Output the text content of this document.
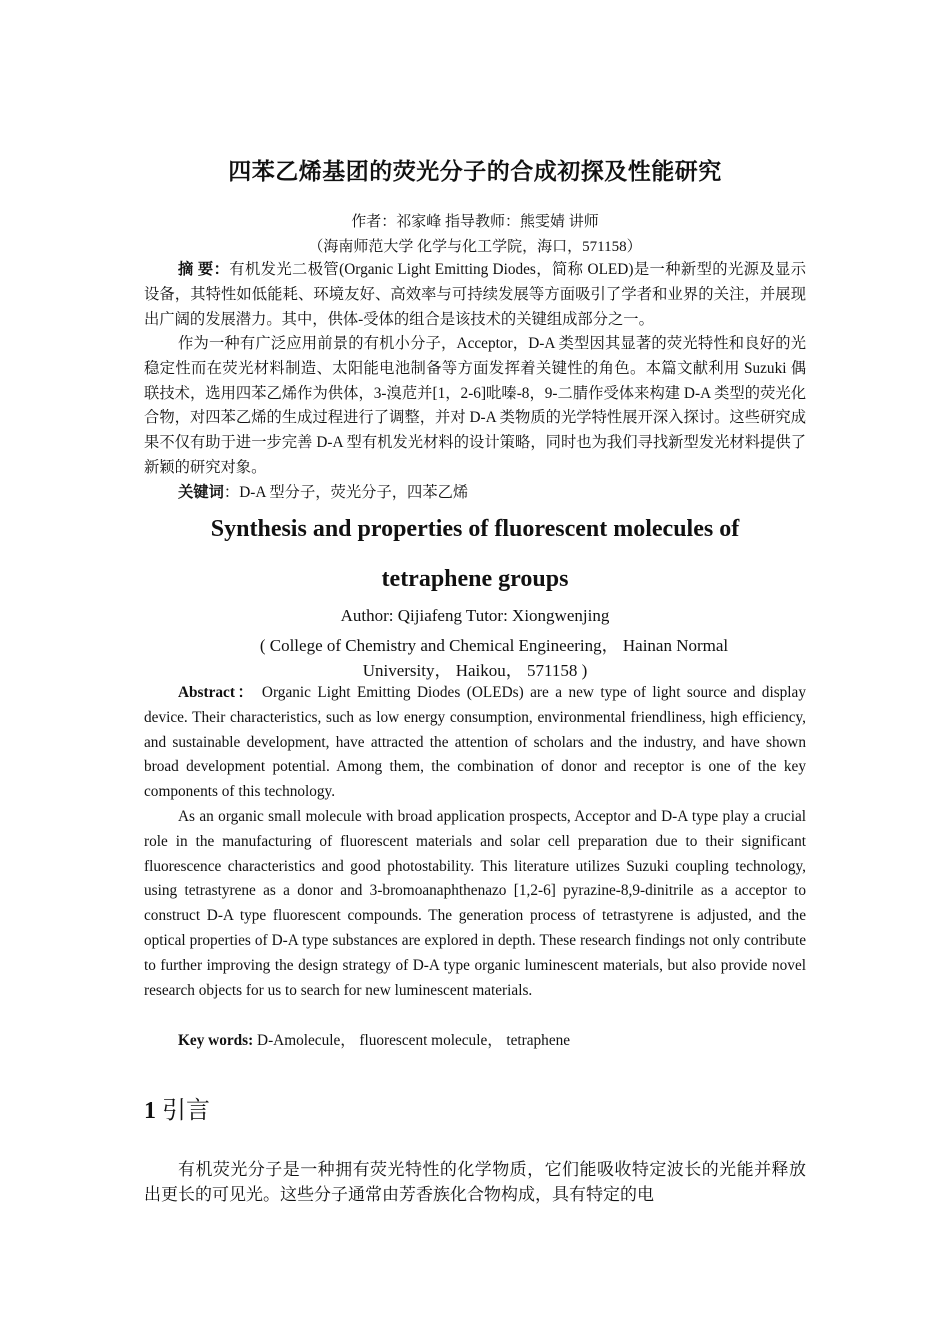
四苯乙烯基团的荧光分子的合成初探及性能研究
作者：祁家峰 指导教师：熊雯婧 讲师
（海南师范大学 化学与化工学院，海口，571158）
摘 要：有机发光二极管(Organic Light Emitting Diodes，简称 OLED)是一种新型的光源及显示设备，其特性如低能耗、环境友好、高效率与可持续发展等方面吸引了学者和业界的关注，并展现出广阔的发展潜力。其中，供体-受体的组合是该技术的关键组成部分之一。
作为一种有广泛应用前景的有机小分子，Acceptor，D-A 类型因其显著的荧光特性和良好的光稳定性而在荧光材料制造、太阳能电池制备等方面发挥着关键性的角色。本篇文献利用 Suzuki 偶联技术，选用四苯乙烯作为供体，3-溴苊并[1，2-6]吡嗪-8，9-二腈作受体来构建 D-A 类型的荧光化合物，对四苯乙烯的生成过程进行了调整，并对 D-A 类物质的光学特性展开深入探讨。这些研究成果不仅有助于进一步完善 D-A 型有机发光材料的设计策略，同时也为我们寻找新型发光材料提供了新颖的研究对象。
关键词：D-A 型分子，荧光分子，四苯乙烯
Synthesis and properties of fluorescent molecules of
tetraphene groups
Author: Qijiafeng Tutor: Xiongwenjing
( College of Chemistry and Chemical Engineering， Hainan Normal
University， Haikou， 571158 )
Abstract： Organic Light Emitting Diodes (OLEDs) are a new type of light source and display device. Their characteristics, such as low energy consumption, environmental friendliness, high efficiency, and sustainable development, have attracted the attention of scholars and the industry, and have shown broad development potential. Among them, the combination of donor and receptor is one of the key components of this technology.
As an organic small molecule with broad application prospects, Acceptor and D-A type play a crucial role in the manufacturing of fluorescent materials and solar cell preparation due to their significant fluorescence characteristics and good photostability. This literature utilizes Suzuki coupling technology, using tetrastyrene as a donor and 3-bromoanaphthenazo [1,2-6] pyrazine-8,9-dinitrile as a acceptor to construct D-A type fluorescent compounds. The generation process of tetrastyrene is adjusted, and the optical properties of D-A type substances are explored in depth. These research findings not only contribute to further improving the design strategy of D-A type organic luminescent materials, but also provide novel research objects for us to search for new luminescent materials.
Key words: D-Amolecule， fluorescent molecule， tetraphene
1 引言
有机荧光分子是一种拥有荧光特性的化学物质，它们能吸收特定波长的光能并释放出更长的可见光。这些分子通常由芳香族化合物构成，具有特定的电
